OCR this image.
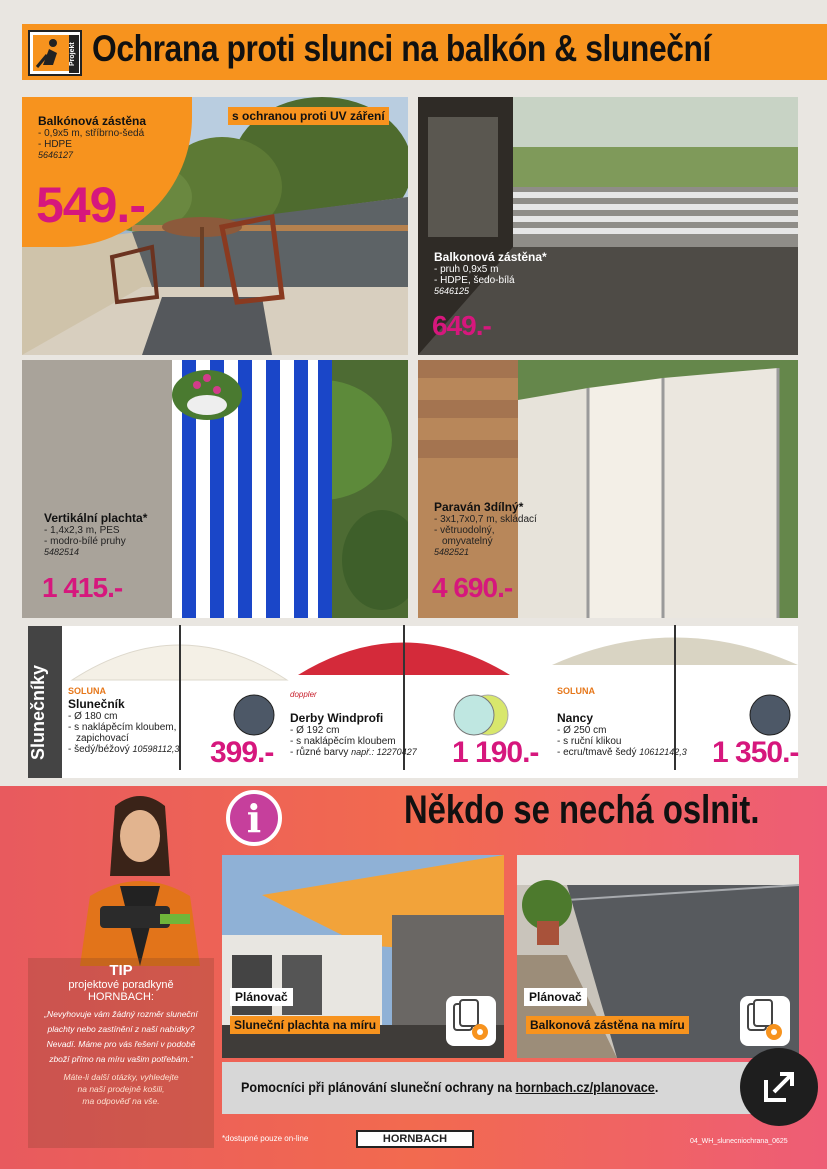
Projekt Ochrana proti slunci na balkón & sluneční
Balkónová zástěna
- 0,9x5 m, stříbrno-šedá
- HDPE
5646127
549.-
s ochranou proti UV záření
Balkonová zástěna*
- pruh 0,9x5 m
- HDPE, šedo-bílá
5646125
649.-
Vertikální plachta*
- 1,4x2,3 m, PES
- modro-bílé pruhy
5482514
1 415.-
Paraván 3dílný*
- 3x1,7x0,7 m, skládací
- větruodolný,
omyvatelný
5482521
4 690.-
SOLUNA
Slunečník
- Ø 180 cm
- s naklápěcím kloubem,
zapichovací
- šedý/béžový 10598112,3 399.-
doppler
Derby Windprofi
- Ø 192 cm
- s naklápěcím kloubem
- různé barvy např.: 12270427 1 190.-
SOLUNA
Nancy
- Ø 250 cm
- s ruční klikou
- ecru/tmavě šedý 10612142,3 1 350.-
i	Někdo se nechá oslnit.
TIP
projektové poradkyně
HORNBACH:
„Nevyhovuje vám žádný rozměr sluneční
plachty nebo zastínění z naší nabídky?
Nevadí. Máme pro vás řešení v podobě
zboží přímo na míru vašim potřebám.“
Máte-li další otázky, vyhledejte
na naší prodejně košili,
ma odpověď na vše.
Plánovač
Sluneční plachta na míru
Plánovač
Balkonová zástěna na míru
Pomocníci při plánování sluneční ochrany na hornbach.cz/planovace.
*dostupné pouze on-line	HORNBACH	04_WH_slunecniochrana_0625
